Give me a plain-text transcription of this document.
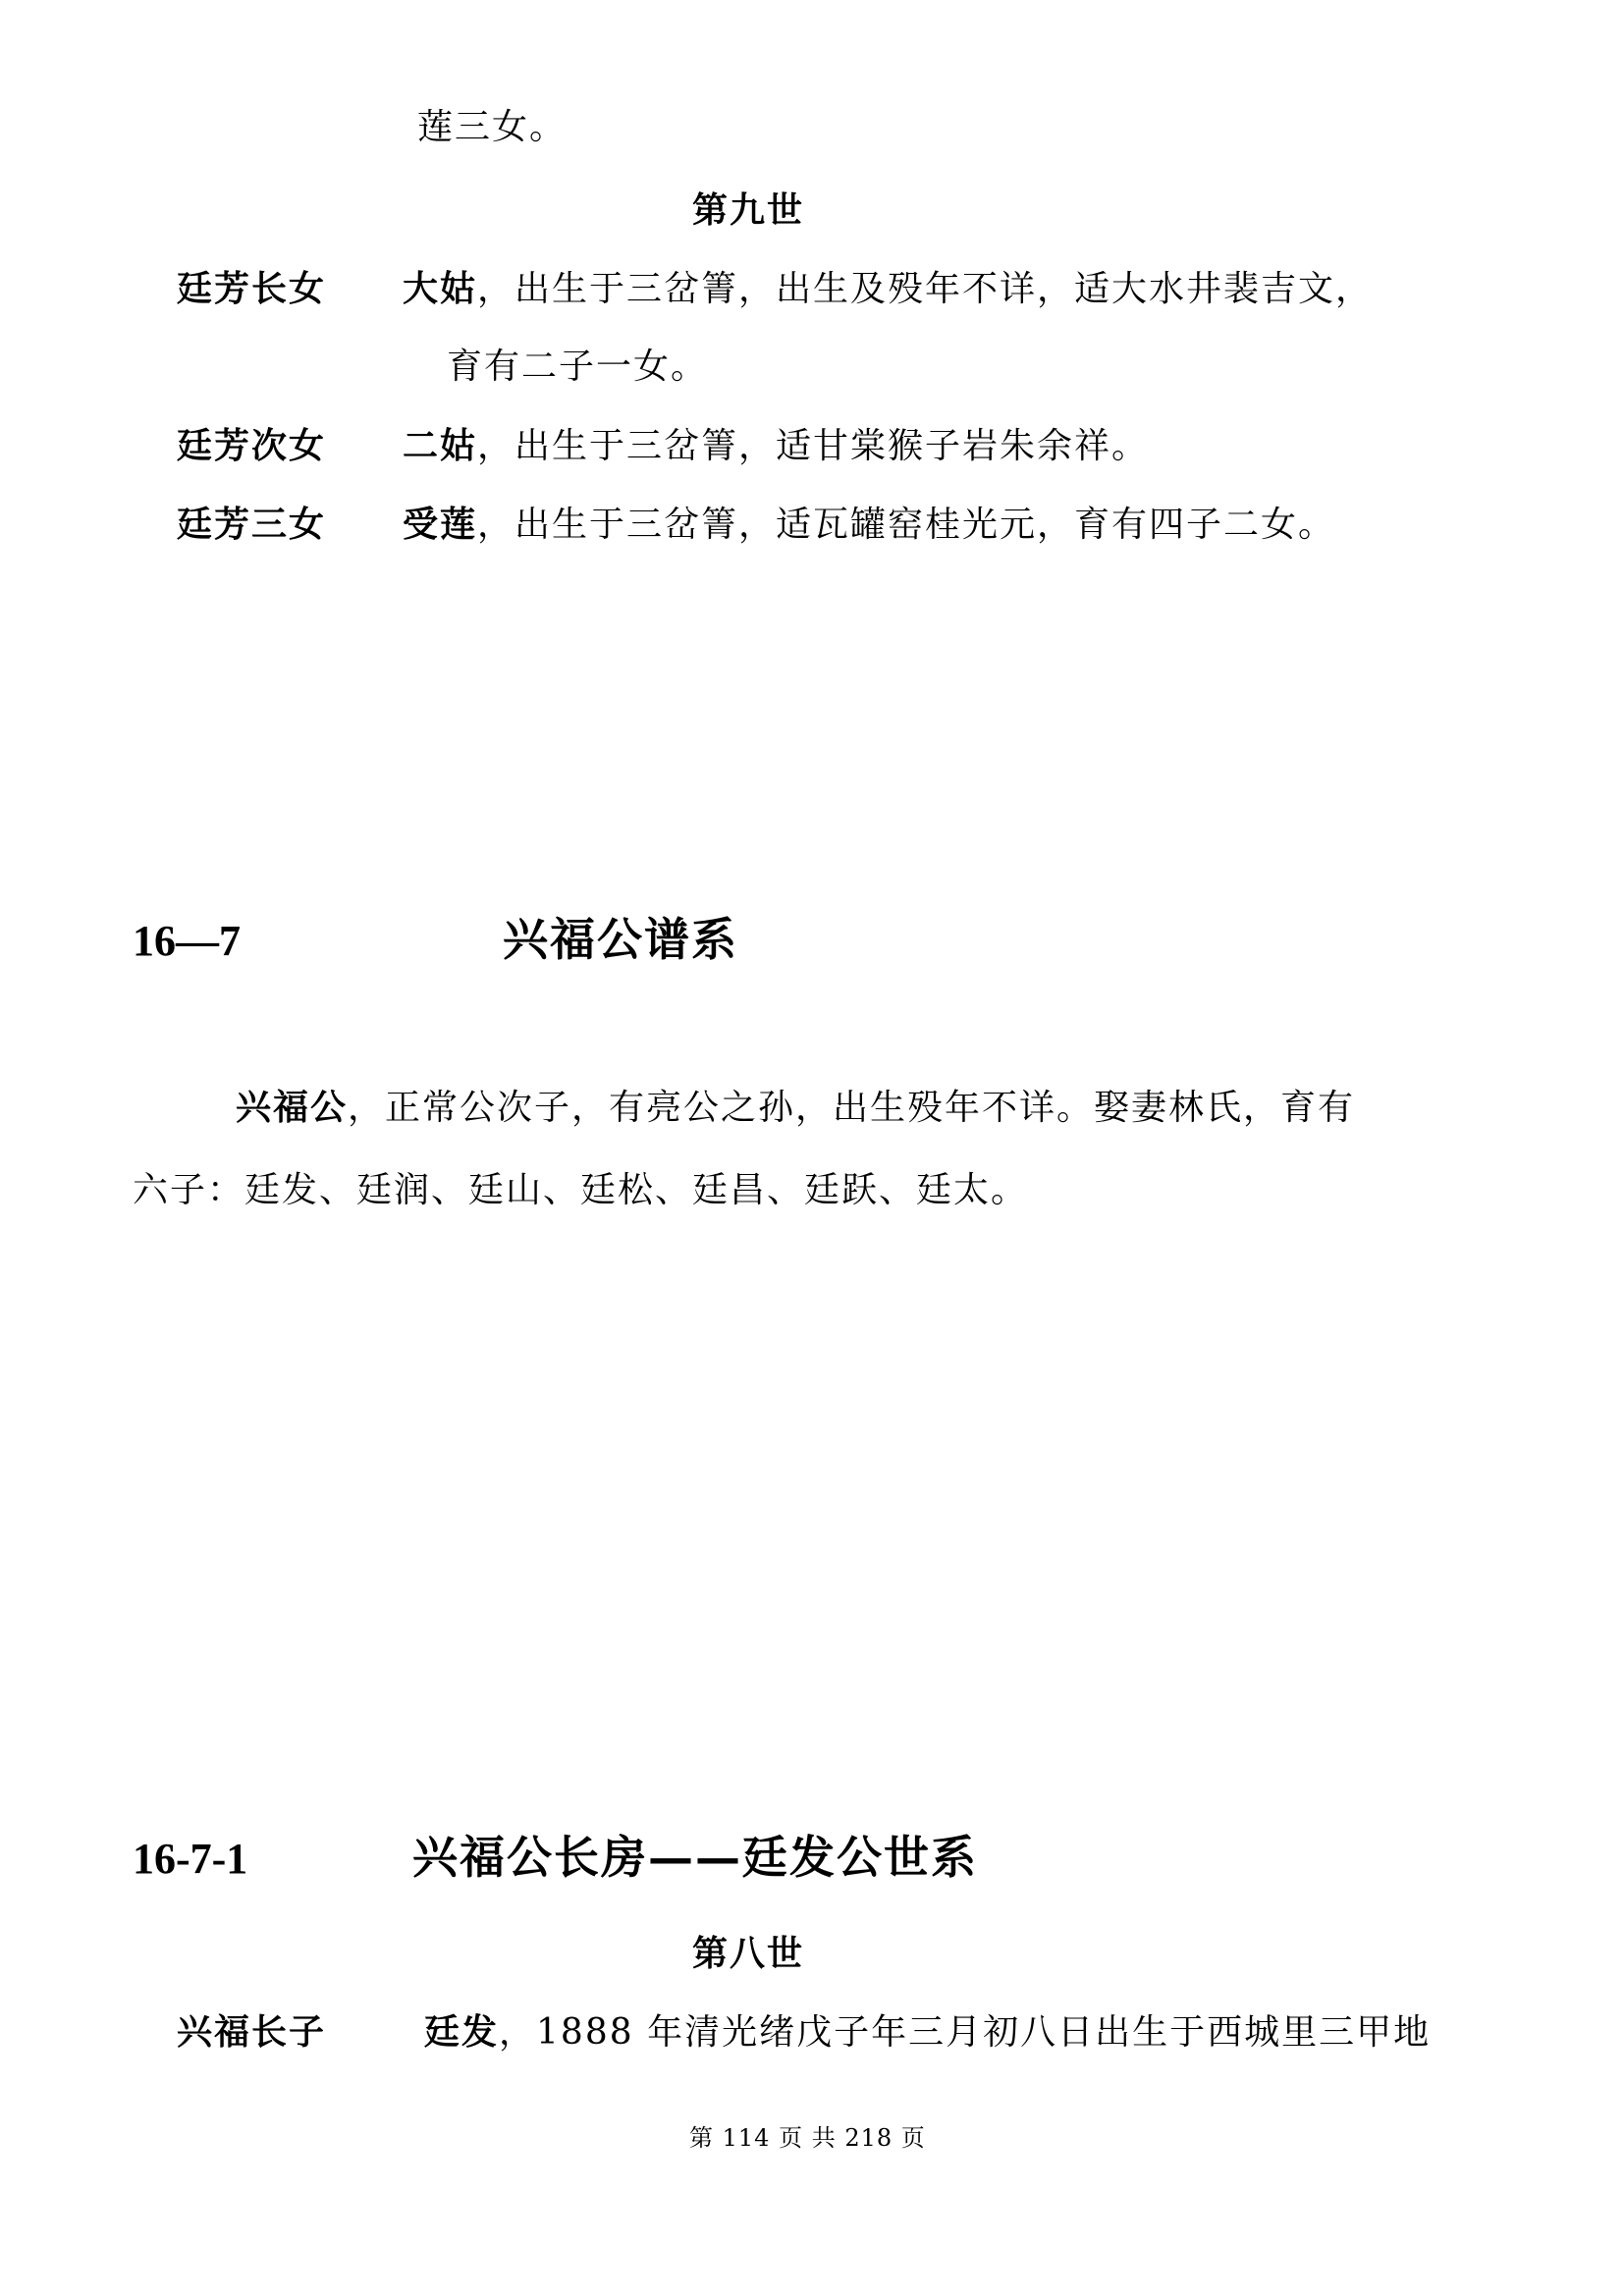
莲三女。
第九世
廷芳长女 大姑，出生于三岔箐，出生及殁年不详，适大水井裴吉文，
育有二子一女。
廷芳次女 二姑，出生于三岔箐，适甘棠猴子岩朱余祥。
廷芳三女 受莲，出生于三岔箐，适瓦罐窑桂光元，育有四子二女。
16—7	兴福公谱系
兴福公，正常公次子，有亮公之孙，出生殁年不详。娶妻林氏，育有
六子：廷发、廷润、廷山、廷松、廷昌、廷跃、廷太。
16-7-1	兴福公长房——廷发公世系
第八世
兴福长子	廷发，1888 年清光绪戊子年三月初八日出生于西城里三甲地
第 114 页 共 218 页
